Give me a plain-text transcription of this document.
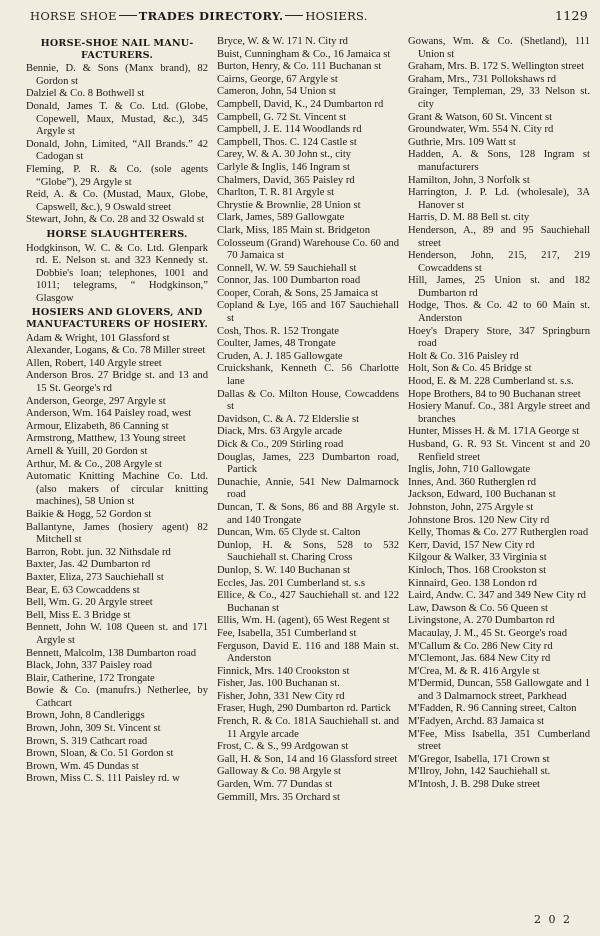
HORSE SHOE TRADES DIRECTORY. HOSIERS.	1129
HORSE-SHOE NAIL MANU-FACTURERS.
Bennie, D. & Sons (Manx brand), 82 Gordon st
Dalziel & Co. 8 Bothwell st
Donald, James T. & Co. Ltd. (Globe, Copewell, Maux, Mustad, &c.), 345 Argyle st
Donald, John, Limited, “All Brands.” 42 Cadogan st
Fleming, P. R. & Co. (sole agents “Globe”), 29 Argyle st
Reid, A. & Co. (Mustad, Maux, Globe, Capswell, &c.), 9 Oswald street
Stewart, John, & Co. 28 and 32 Oswald st
HORSE SLAUGHTERERS.
Hodgkinson, W. C. & Co. Ltd. Glenpark rd. E. Nelson st. and 323 Kennedy st. Dobbie's loan; telephones, 1001 and 1011; telegrams, “ Hodgkinson,” Glasgow
HOSIERS AND GLOVERS, AND MANUFACTURERS OF HOSIERY.
Adam & Wright, 101 Glassford st
Alexander, Logans, & Co. 78 Miller street
Allen, Robert, 140 Argyle street
Anderson Bros. 27 Bridge st. and 13 and 15 St. George's rd
Anderson, George, 297 Argyle st
Anderson, Wm. 164 Paisley road, west
Armour, Elizabeth, 86 Canning st
Armstrong, Matthew, 13 Young street
Arnell & Yuill, 20 Gordon st
Arthur, M. & Co., 208 Argyle st
Automatic Knitting Machine Co. Ltd. (also makers of circular knitting machines), 58 Union st
Baikie & Hogg, 52 Gordon st
Ballantyne, James (hosiery agent) 82 Mitchell st
Barron, Robt. jun. 32 Nithsdale rd
Baxter, Jas. 42 Dumbarton rd
Baxter, Eliza, 273 Sauchiehall st
Bear, E. 63 Cowcaddens st
Bell, Wm. G. 20 Argyle street
Bell, Miss E. 3 Bridge st
Bennett, John W. 108 Queen st. and 171 Argyle st
Bennett, Malcolm, 138 Dumbarton road
Black, John, 337 Paisley road
Blair, Catherine, 172 Trongate
Bowie & Co. (manufrs.) Netherlee, by Cathcart
Brown, John, 8 Candleriggs
Brown, John, 309 St. Vincent st
Brown, S. 319 Cathcart road
Brown, Sloan, & Co. 51 Gordon st
Brown, Wm. 45 Dundas st
Brown, Miss C. S. 111 Paisley rd. w
Bryce, W. & W. 171 N. City rd
Buist, Cunningham & Co., 16 Jamaica st
Burton, Henry, & Co. 111 Buchanan st
Cairns, George, 67 Argyle st
Cameron, John, 54 Union st
Campbell, David, K., 24 Dumbarton rd
Campbell, G. 72 St. Vincent st
Campbell, J. E. 114 Woodlands rd
Campbell, Thos. C. 124 Castle st
Carey, W. & A. 30 John st., city
Carlyle & Inglis, 146 Ingram st
Chalmers, David, 365 Paisley rd
Charlton, T. R. 81 Argyle st
Chrystie & Brownlie, 28 Union st
Clark, James, 589 Gallowgate
Clark, Miss, 185 Main st. Bridgeton
Colosseum (Grand) Warehouse Co. 60 and 70 Jamaica st
Connell, W. W. 59 Sauchiehall st
Connor, Jas. 100 Dumbarton road
Cooper, Corah, & Sons, 25 Jamaica st
Copland & Lye, 165 and 167 Sauchiehall st
Cosh, Thos. R. 152 Trongate
Coulter, James, 48 Trongate
Cruden, A. J. 185 Gallowgate
Cruickshank, Kenneth C. 56 Charlotte lane
Dallas & Co. Milton House, Cowcaddens st
Davidson, C. & A. 72 Elderslie st
Diack, Mrs. 63 Argyle arcade
Dick & Co., 209 Stirling road
Douglas, James, 223 Dumbarton road, Partick
Dunachie, Annie, 541 New Dalmarnock road
Duncan, T. & Sons, 86 and 88 Argyle st. and 140 Trongate
Duncan, Wm. 65 Clyde st. Calton
Dunlop, H. & Sons, 528 to 532 Sauchiehall st. Charing Cross
Dunlop, S. W. 140 Buchanan st
Eccles, Jas. 201 Cumberland st. s.s
Ellice, & Co., 427 Sauchiehall st. and 122 Buchanan st
Ellis, Wm. H. (agent), 65 West Regent st
Fee, Isabella, 351 Cumberland st
Ferguson, David E. 116 and 188 Main st. Anderston
Finnick, Mrs. 140 Crookston st
Fisher, Jas. 100 Buchanan st.
Fisher, John, 331 New City rd
Fraser, Hugh, 290 Dumbarton rd. Partick
French, R. & Co. 181A Sauchiehall st. and 11 Argyle arcade
Frost, C. & S., 99 Ardgowan st
Gall, H. & Son, 14 and 16 Glassford street
Galloway & Co. 98 Argyle st
Garden, Wm. 77 Dundas st
Gemmill, Mrs. 35 Orchard st
Gowans, Wm. & Co. (Shetland), 111 Union st
Graham, Mrs. B. 172 S. Wellington street
Graham, Mrs., 731 Pollokshaws rd
Grainger, Templeman, 29, 33 Nelson st. city
Grant & Watson, 60 St. Vincent st
Groundwater, Wm. 554 N. City rd
Guthrie, Mrs. 109 Watt st
Hadden, A. & Sons, 128 Ingram st manufacturers
Hamilton, John, 3 Norfolk st
Harrington, J. P. Ld. (wholesale), 3A Hanover st
Harris, D. M. 88 Bell st. city
Henderson, A., 89 and 95 Sauchiehall street
Henderson, John, 215, 217, 219 Cowcaddens st
Hill, James, 25 Union st. and 182 Dumbarton rd
Hodge, Thos. & Co. 42 to 60 Main st. Anderston
Hoey's Drapery Store, 347 Springburn road
Holt & Co. 316 Paisley rd
Holt, Son & Co. 45 Bridge st
Hood, E. & M. 228 Cumberland st. s.s.
Hope Brothers, 84 to 90 Buchanan street
Hosiery Manuf. Co., 381 Argyle street and branches
Hunter, Misses H. & M. 171A George st
Husband, G. R. 93 St. Vincent st and 20 Renfield street
Inglis, John, 710 Gallowgate
Innes, And. 360 Rutherglen rd
Jackson, Edward, 100 Buchanan st
Johnston, John, 275 Argyle st
Johnstone Bros. 120 New City rd
Kelly, Thomas & Co. 277 Rutherglen road
Kerr, David, 157 New City rd
Kilgour & Walker, 33 Virginia st
Kinloch, Thos. 168 Crookston st
Kinnaird, Geo. 138 London rd
Laird, Andw. C. 347 and 349 New City rd
Law, Dawson & Co. 56 Queen st
Livingstone, A. 270 Dumbarton rd
Macaulay, J. M., 45 St. George's road
M'Callum & Co. 286 New City rd
M'Clemont, Jas. 684 New City rd
M'Crea, M. & R. 416 Argyle st
M'Dermid, Duncan, 558 Gallowgate and 1 and 3 Dalmarnock street, Parkhead
M'Fadden, R. 96 Canning street, Calton
M'Fadyen, Archd. 83 Jamaica st
M'Fee, Miss Isabella, 351 Cumberland street
M'Gregor, Isabella, 171 Crown st
M'Ilroy, John, 142 Sauchiehall st.
M'Intosh, J. B. 298 Duke street
2 0 2
